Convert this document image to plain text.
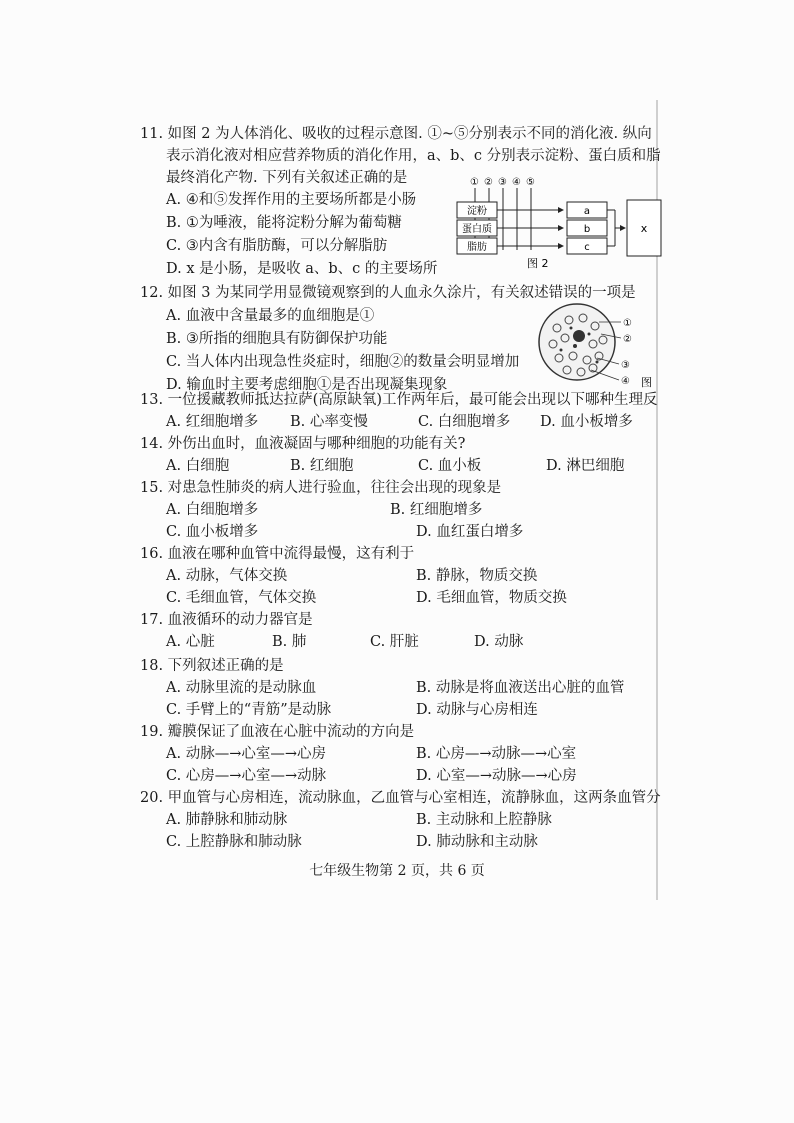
11. 如图 2 为人体消化、吸收的过程示意图. ①~⑤分别表示不同的消化液. 纵向
表示消化液对相应营养物质的消化作用，a、b、c 分别表示淀粉、蛋白质和脂
最终消化产物. 下列有关叙述正确的是
A. ④和⑤发挥作用的主要场所都是小肠
B. ①为唾液，能将淀粉分解为葡萄糖
C. ③内含有脂肪酶，可以分解脂肪
D. x 是小肠，是吸收 a、b、c 的主要场所
① ② ③ ④ ⑤
淀粉
蛋白质
脂肪
a
b
c
x
图 2
12. 如图 3 为某同学用显微镜观察到的人血永久涂片，有关叙述错误的一项是
A. 血液中含量最多的血细胞是①
B. ③所指的细胞具有防御保护功能
C. 当人体内出现急性炎症时，细胞②的数量会明显增加
D. 输血时主要考虑细胞①是否出现凝集现象
①
②
③
④ 图
13. 一位援藏教师抵达拉萨(高原缺氧)工作两年后，最可能会出现以下哪种生理反
A. 红细胞增多 B. 心率变慢	C. 白细胞增多 D. 血小板增多
14. 外伤出血时，血液凝固与哪种细胞的功能有关?
A. 白细胞	B. 红细胞	C. 血小板	D. 淋巴细胞
15. 对患急性肺炎的病人进行验血，往往会出现的现象是
A. 白细胞增多	B. 红细胞增多
C. 血小板增多	D. 血红蛋白增多
16. 血液在哪种血管中流得最慢，这有利于
A. 动脉，气体交换	B. 静脉，物质交换
C. 毛细血管，气体交换	D. 毛细血管，物质交换
17. 血液循环的动力器官是
A. 心脏	B. 肺	C. 肝脏	D. 动脉
18. 下列叙述正确的是
A. 动脉里流的是动脉血	B. 动脉是将血液送出心脏的血管
C. 手臂上的“青筋”是动脉	D. 动脉与心房相连
19. 瓣膜保证了血液在心脏中流动的方向是
A. 动脉—→心室—→心房	B. 心房—→动脉—→心室
C. 心房—→心室—→动脉	D. 心室—→动脉—→心房
20. 甲血管与心房相连，流动脉血，乙血管与心室相连，流静脉血，这两条血管分
A. 肺静脉和肺动脉	B. 主动脉和上腔静脉
C. 上腔静脉和肺动脉	D. 肺动脉和主动脉
七年级生物第 2 页，共 6 页
